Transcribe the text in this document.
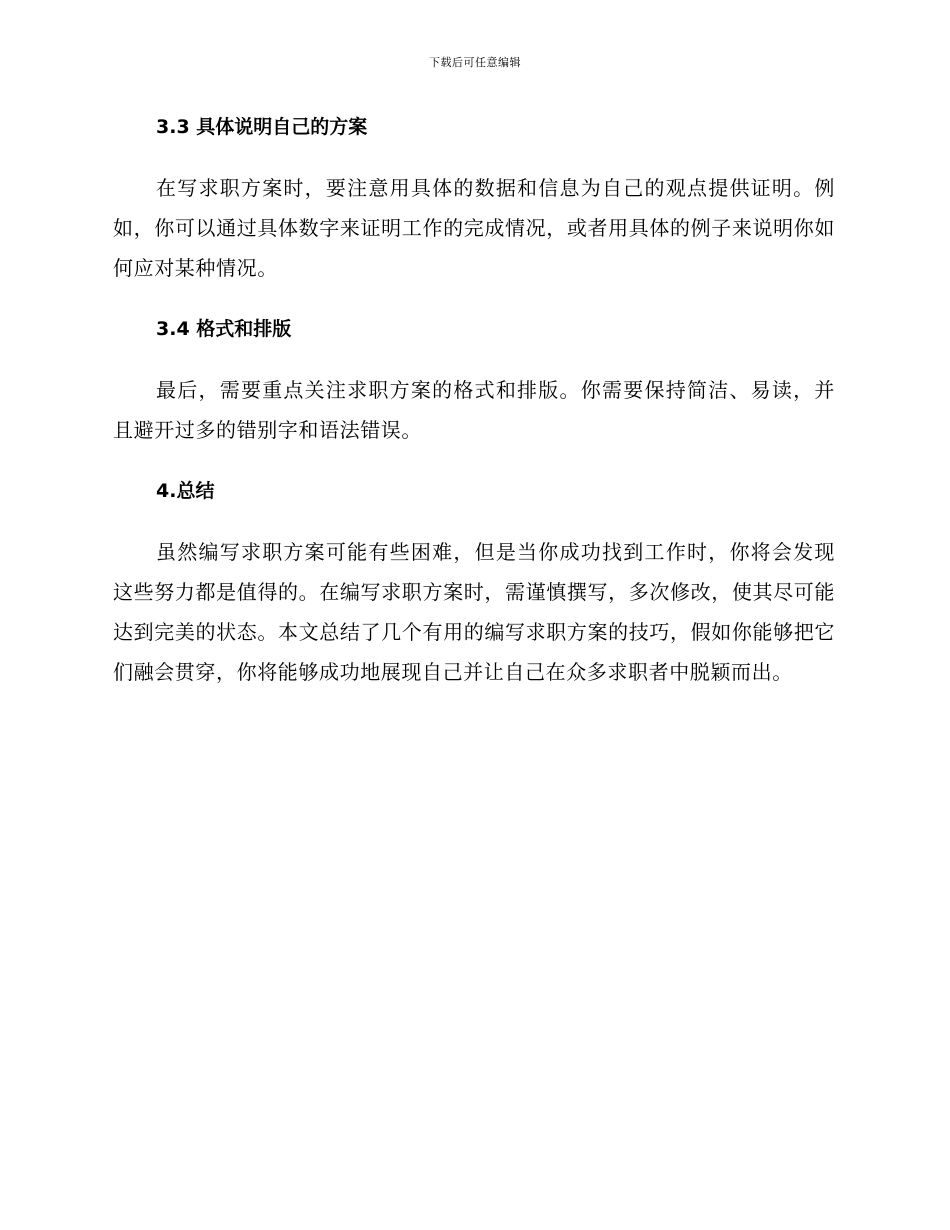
下载后可任意编辑
3.3 具体说明自己的方案

在写求职方案时，要注意用具体的数据和信息为自己的观点提供证明。例如，你可以通过具体数字来证明工作的完成情况，或者用具体的例子来说明你如何应对某种情况。

3.4 格式和排版

最后，需要重点关注求职方案的格式和排版。你需要保持简洁、易读，并且避开过多的错别字和语法错误。

4.总结

虽然编写求职方案可能有些困难，但是当你成功找到工作时，你将会发现这些努力都是值得的。在编写求职方案时，需谨慎撰写，多次修改，使其尽可能达到完美的状态。本文总结了几个有用的编写求职方案的技巧，假如你能够把它们融会贯穿，你将能够成功地展现自己并让自己在众多求职者中脱颖而出。
